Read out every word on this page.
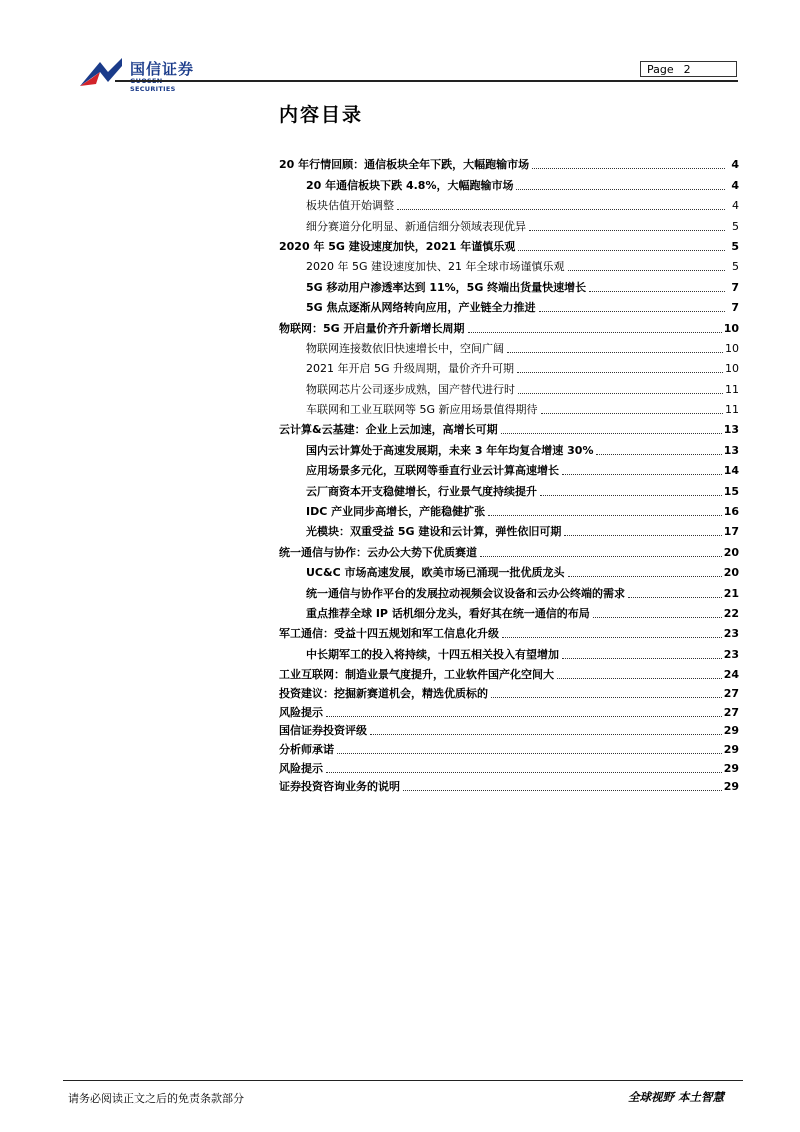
国信证券
GUOSEN SECURITIES
Page 2
内容目录
20 年行情回顾：通信板块全年下跌，大幅跑输市场	4
20 年通信板块下跌 4.8%，大幅跑输市场	4
板块估值开始调整	4
细分赛道分化明显、新通信细分领域表现优异	5
2020 年 5G 建设速度加快，2021 年谨慎乐观	5
2020 年 5G 建设速度加快、21 年全球市场谨慎乐观	5
5G 移动用户渗透率达到 11%，5G 终端出货量快速增长	7
5G 焦点逐渐从网络转向应用，产业链全力推进	7
物联网：5G 开启量价齐升新增长周期	10
物联网连接数依旧快速增长中，空间广阔	10
2021 年开启 5G 升级周期，量价齐升可期	10
物联网芯片公司逐步成熟，国产替代进行时	11
车联网和工业互联网等 5G 新应用场景值得期待	11
云计算&云基建：企业上云加速，高增长可期	13
国内云计算处于高速发展期，未来 3 年年均复合增速 30%	13
应用场景多元化，互联网等垂直行业云计算高速增长	14
云厂商资本开支稳健增长，行业景气度持续提升	15
IDC 产业同步高增长，产能稳健扩张	16
光模块：双重受益 5G 建设和云计算，弹性依旧可期	17
统一通信与协作：云办公大势下优质赛道	20
UC&C 市场高速发展，欧美市场已涌现一批优质龙头	20
统一通信与协作平台的发展拉动视频会议设备和云办公终端的需求	21
重点推荐全球 IP 话机细分龙头，看好其在统一通信的布局	22
军工通信：受益十四五规划和军工信息化升级	23
中长期军工的投入将持续，十四五相关投入有望增加	23
工业互联网：制造业景气度提升，工业软件国产化空间大	24
投资建议：挖掘新赛道机会，精选优质标的	27
风险提示	27
国信证券投资评级	29
分析师承诺	29
风险提示	29
证券投资咨询业务的说明	29
请务必阅读正文之后的免责条款部分	全球视野 本土智慧
